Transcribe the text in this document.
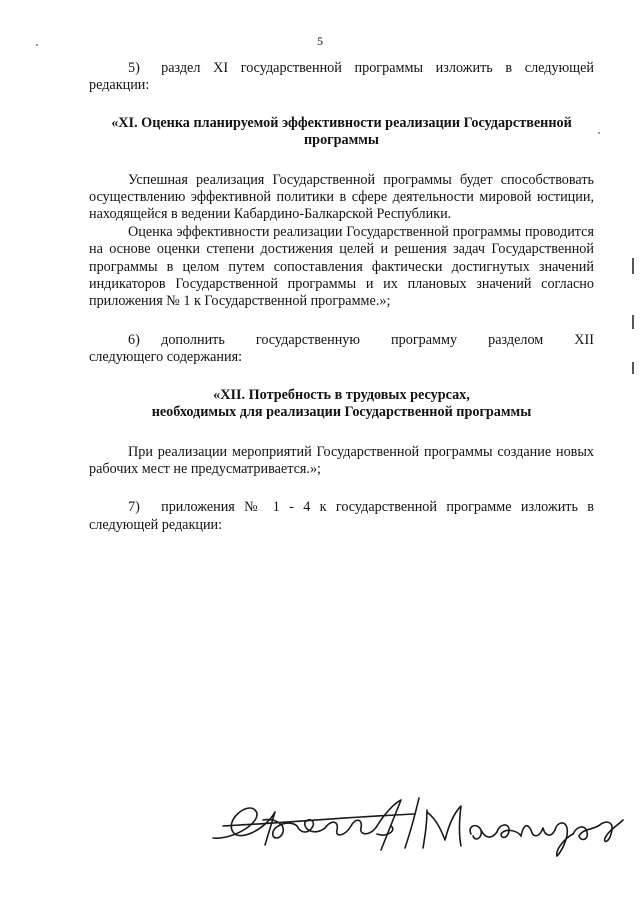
5

5)  раздел XI государственной программы изложить в следующей редакции:

«XI. Оценка планируемой эффективности реализации Государственной программы

Успешная реализация Государственной программы будет способствовать осуществлению эффективной политики в сфере деятельности мировой юстиции, находящейся в ведении Кабардино-Балкарской Республики.

Оценка эффективности реализации Государственной программы проводится на основе оценки степени достижения целей и решения задач Государственной программы в целом путем сопоставления фактически достигнутых значений индикаторов Государственной программы и их плановых значений согласно приложения № 1 к Государственной программе.»;

6)  дополнить   государственную   программу   разделом   XII следующего содержания:

«XII. Потребность в трудовых ресурсах,

необходимых для реализации Государственной программы

При реализации мероприятий Государственной программы создание новых рабочих мест не предусматривается.»;

7)  приложения № 1 - 4 к государственной программе изложить в следующей редакции:
